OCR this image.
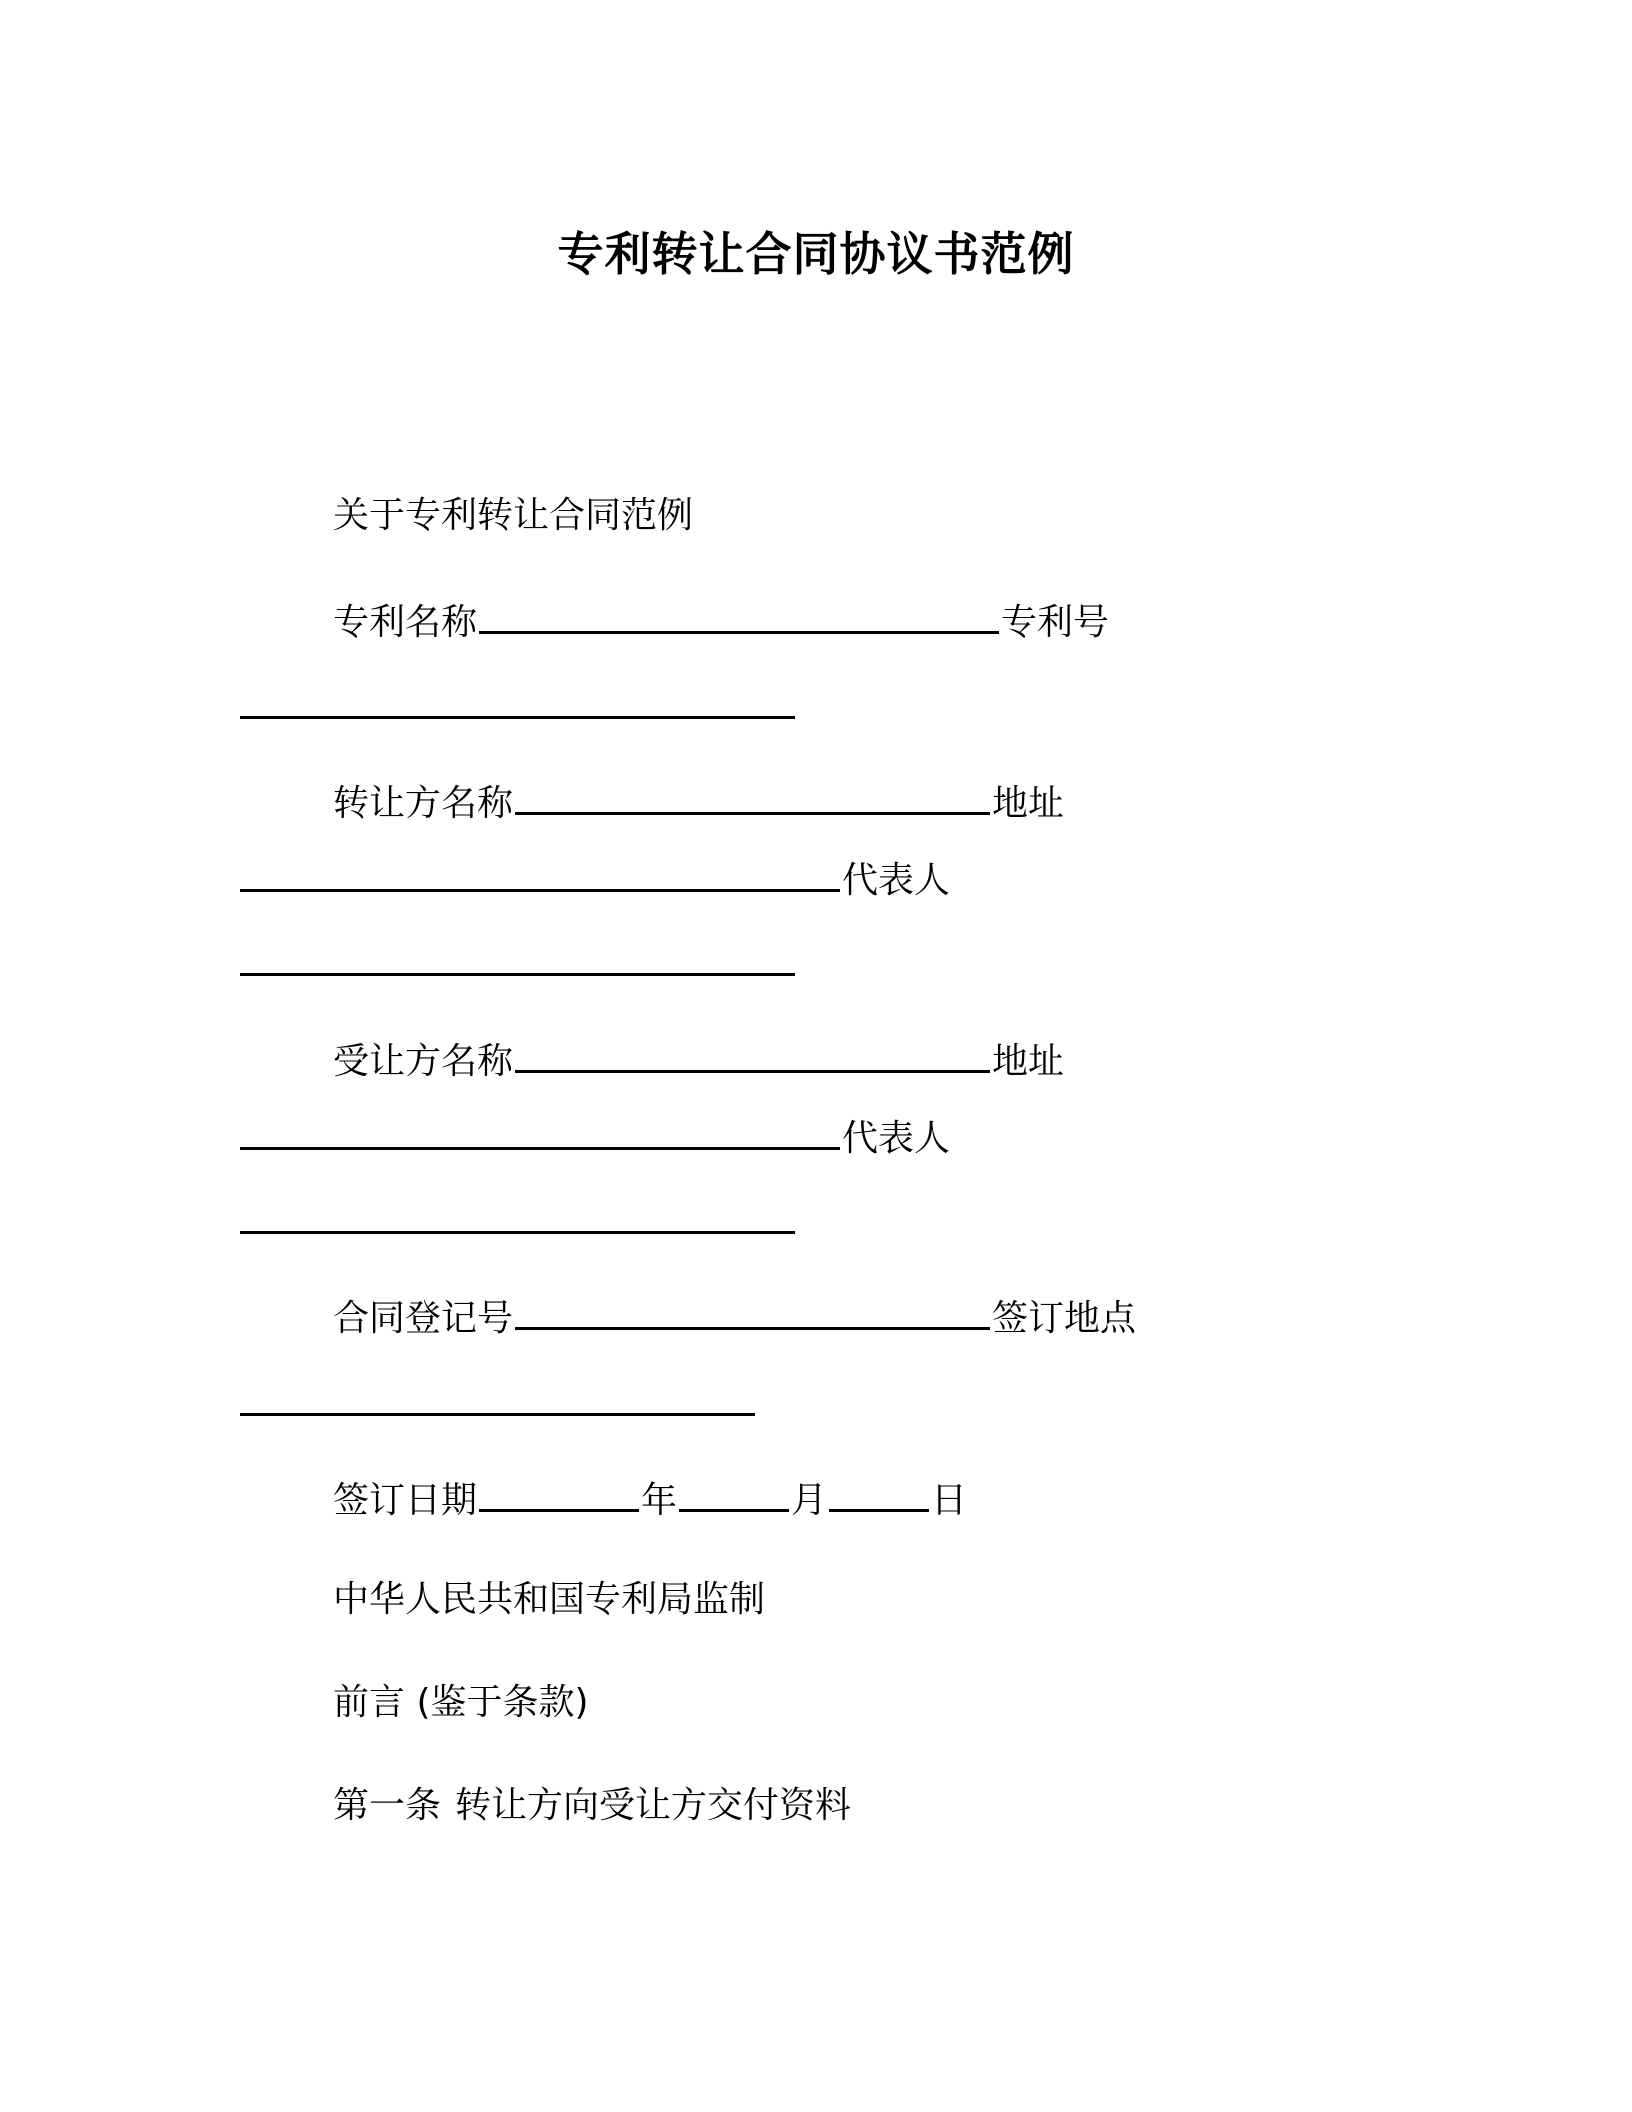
专利转让合同协议书范例
关于专利转让合同范例
专利名称	专利号
转让方名称	地址
代表人
受让方名称	地址
代表人
合同登记号	签订地点
签订日期	年	月	日
中华人民共和国专利局监制
前言 (鉴于条款)
第一条 转让方向受让方交付资料
